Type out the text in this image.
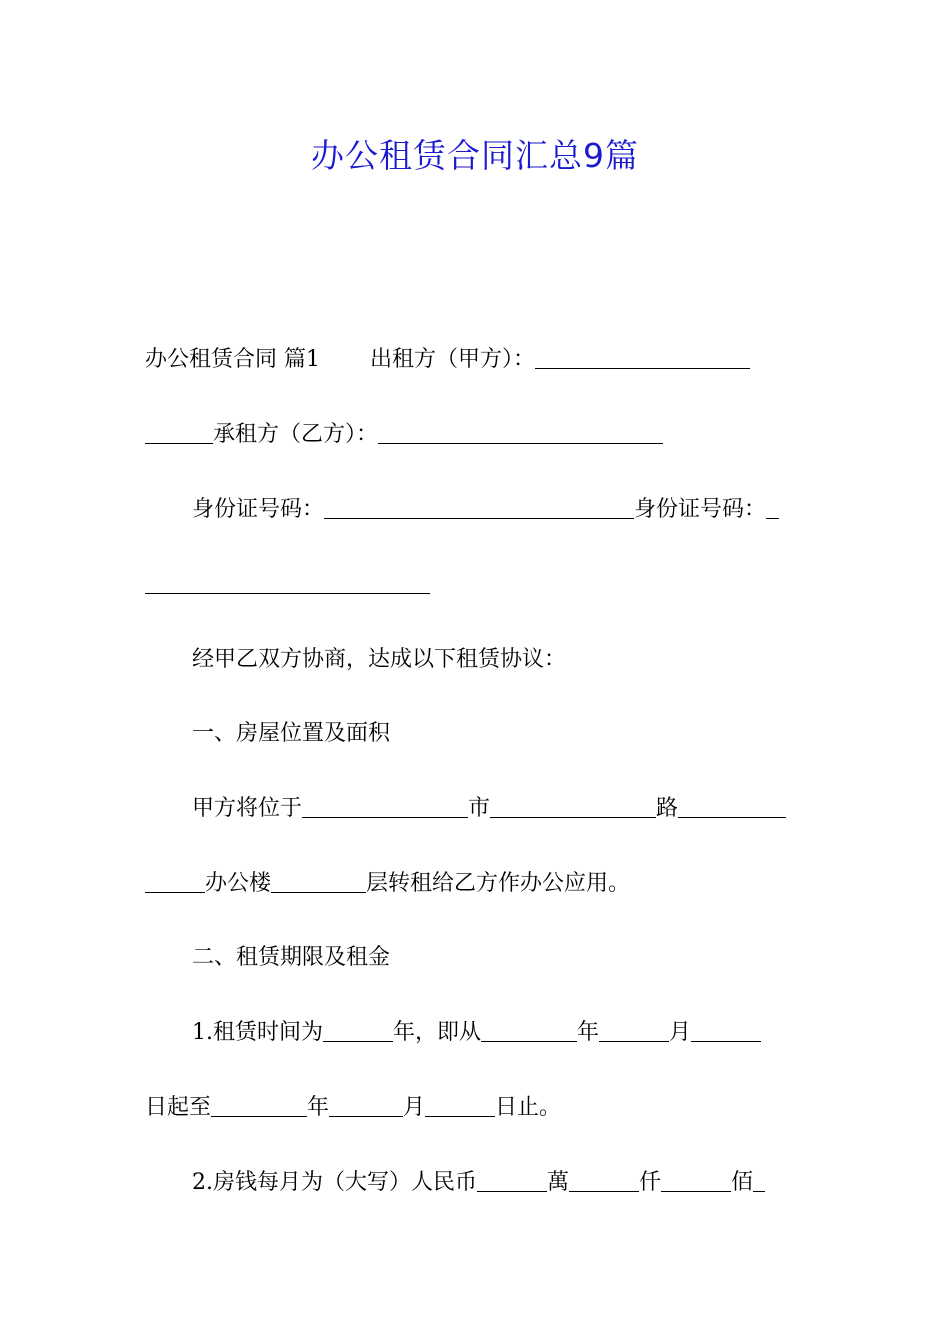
办公租赁合同汇总9篇
办公租赁合同 篇1 出租方（甲方）：
承租方（乙方）：
身份证号码：	身份证号码：
经甲乙双方协商，达成以下租赁协议：
一、房屋位置及面积
甲方将位于	市	路
办公楼	层转租给乙方作办公应用。
二、租赁期限及租金
1.租赁时间为	年，即从	年	月
日起至	年	月	日止。
2.房钱每月为（大写）人民币	萬	仟	佰
